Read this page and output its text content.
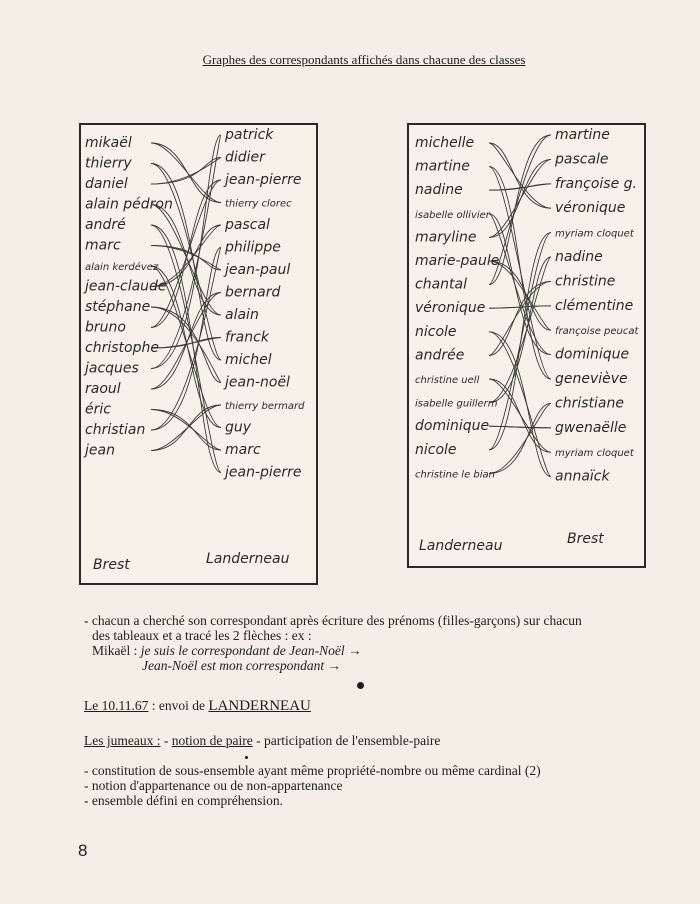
Graphes des correspondants affichés dans chacune des classes
mikaël
thierry
daniel
alain pédron
andré
marc
alain kerdévez
jean-claude
stéphane
bruno
christophe
jacques
raoul
éric
christian
jean
patrick
didier
jean-pierre
thierry clorec
pascal
philippe
jean-paul
bernard
alain
franck
michel
jean-noël
thierry bermard
guy
marc
jean-pierre
Brest	Landerneau
michelle
martine
nadine
isabelle ollivier
maryline
marie-paule
chantal
véronique
nicole
andrée
christine uell
isabelle guillerm
dominique
nicole
christine le bian
martine
pascale
françoise g.
véronique
myriam cloquet
nadine
christine
clémentine
françoise peucat
dominique
geneviève
christiane
gwenaëlle
myriam cloquet
annaïck
Landerneau	Brest
- chacun a cherché son correspondant après écriture des prénoms (filles-garçons) sur chacun
des tableaux et a tracé les 2 flèches : ex :
Mikaël : je suis le correspondant de Jean-Noël →
Jean-Noël est mon correspondant →
Le 10.11.67 : envoi de LANDERNEAU
Les jumeaux : - notion de paire - participation de l'ensemble-paire
- constitution de sous-ensemble ayant même propriété-nombre ou même cardinal (2)
- notion d'appartenance ou de non-appartenance
- ensemble défini en compréhension.
8
